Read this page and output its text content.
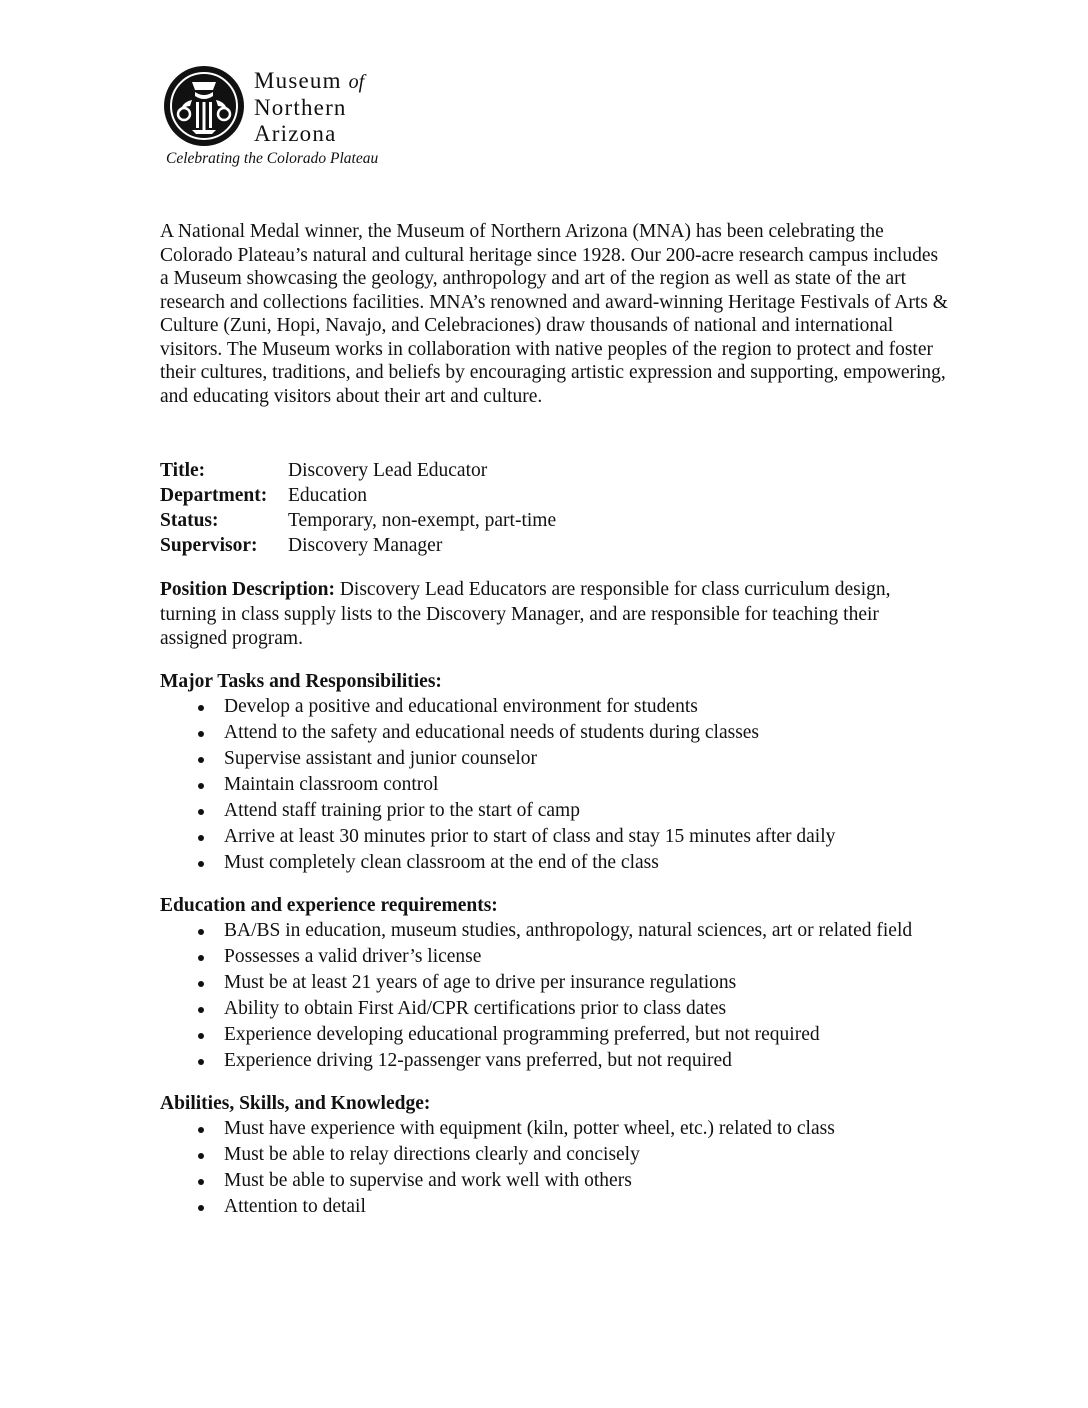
Museum of
Northern
Arizona
Celebrating the Colorado Plateau

A National Medal winner, the Museum of Northern Arizona (MNA) has been celebrating the Colorado Plateau’s natural and cultural heritage since 1928. Our 200-acre research campus includes a Museum showcasing the geology, anthropology and art of the region as well as state of the art research and collections facilities. MNA’s renowned and award-winning Heritage Festivals of Arts & Culture (Zuni, Hopi, Navajo, and Celebraciones) draw thousands of national and international visitors. The Museum works in collaboration with native peoples of the region to protect and foster their cultures, traditions, and beliefs by encouraging artistic expression and supporting, empowering, and educating visitors about their art and culture.

Title:	Discovery Lead Educator
Department:	Education
Status:	Temporary, non-exempt, part-time
Supervisor:	Discovery Manager

Position Description: Discovery Lead Educators are responsible for class curriculum design, turning in class supply lists to the Discovery Manager, and are responsible for teaching their assigned program.

Major Tasks and Responsibilities:
Develop a positive and educational environment for students
Attend to the safety and educational needs of students during classes
Supervise assistant and junior counselor
Maintain classroom control
Attend staff training prior to the start of camp
Arrive at least 30 minutes prior to start of class and stay 15 minutes after daily
Must completely clean classroom at the end of the class
Education and experience requirements:
BA/BS in education, museum studies, anthropology, natural sciences, art or related field
Possesses a valid driver’s license
Must be at least 21 years of age to drive per insurance regulations
Ability to obtain First Aid/CPR certifications prior to class dates
Experience developing educational programming preferred, but not required
Experience driving 12-passenger vans preferred, but not required
Abilities, Skills, and Knowledge:
Must have experience with equipment (kiln, potter wheel, etc.) related to class
Must be able to relay directions clearly and concisely
Must be able to supervise and work well with others
Attention to detail
